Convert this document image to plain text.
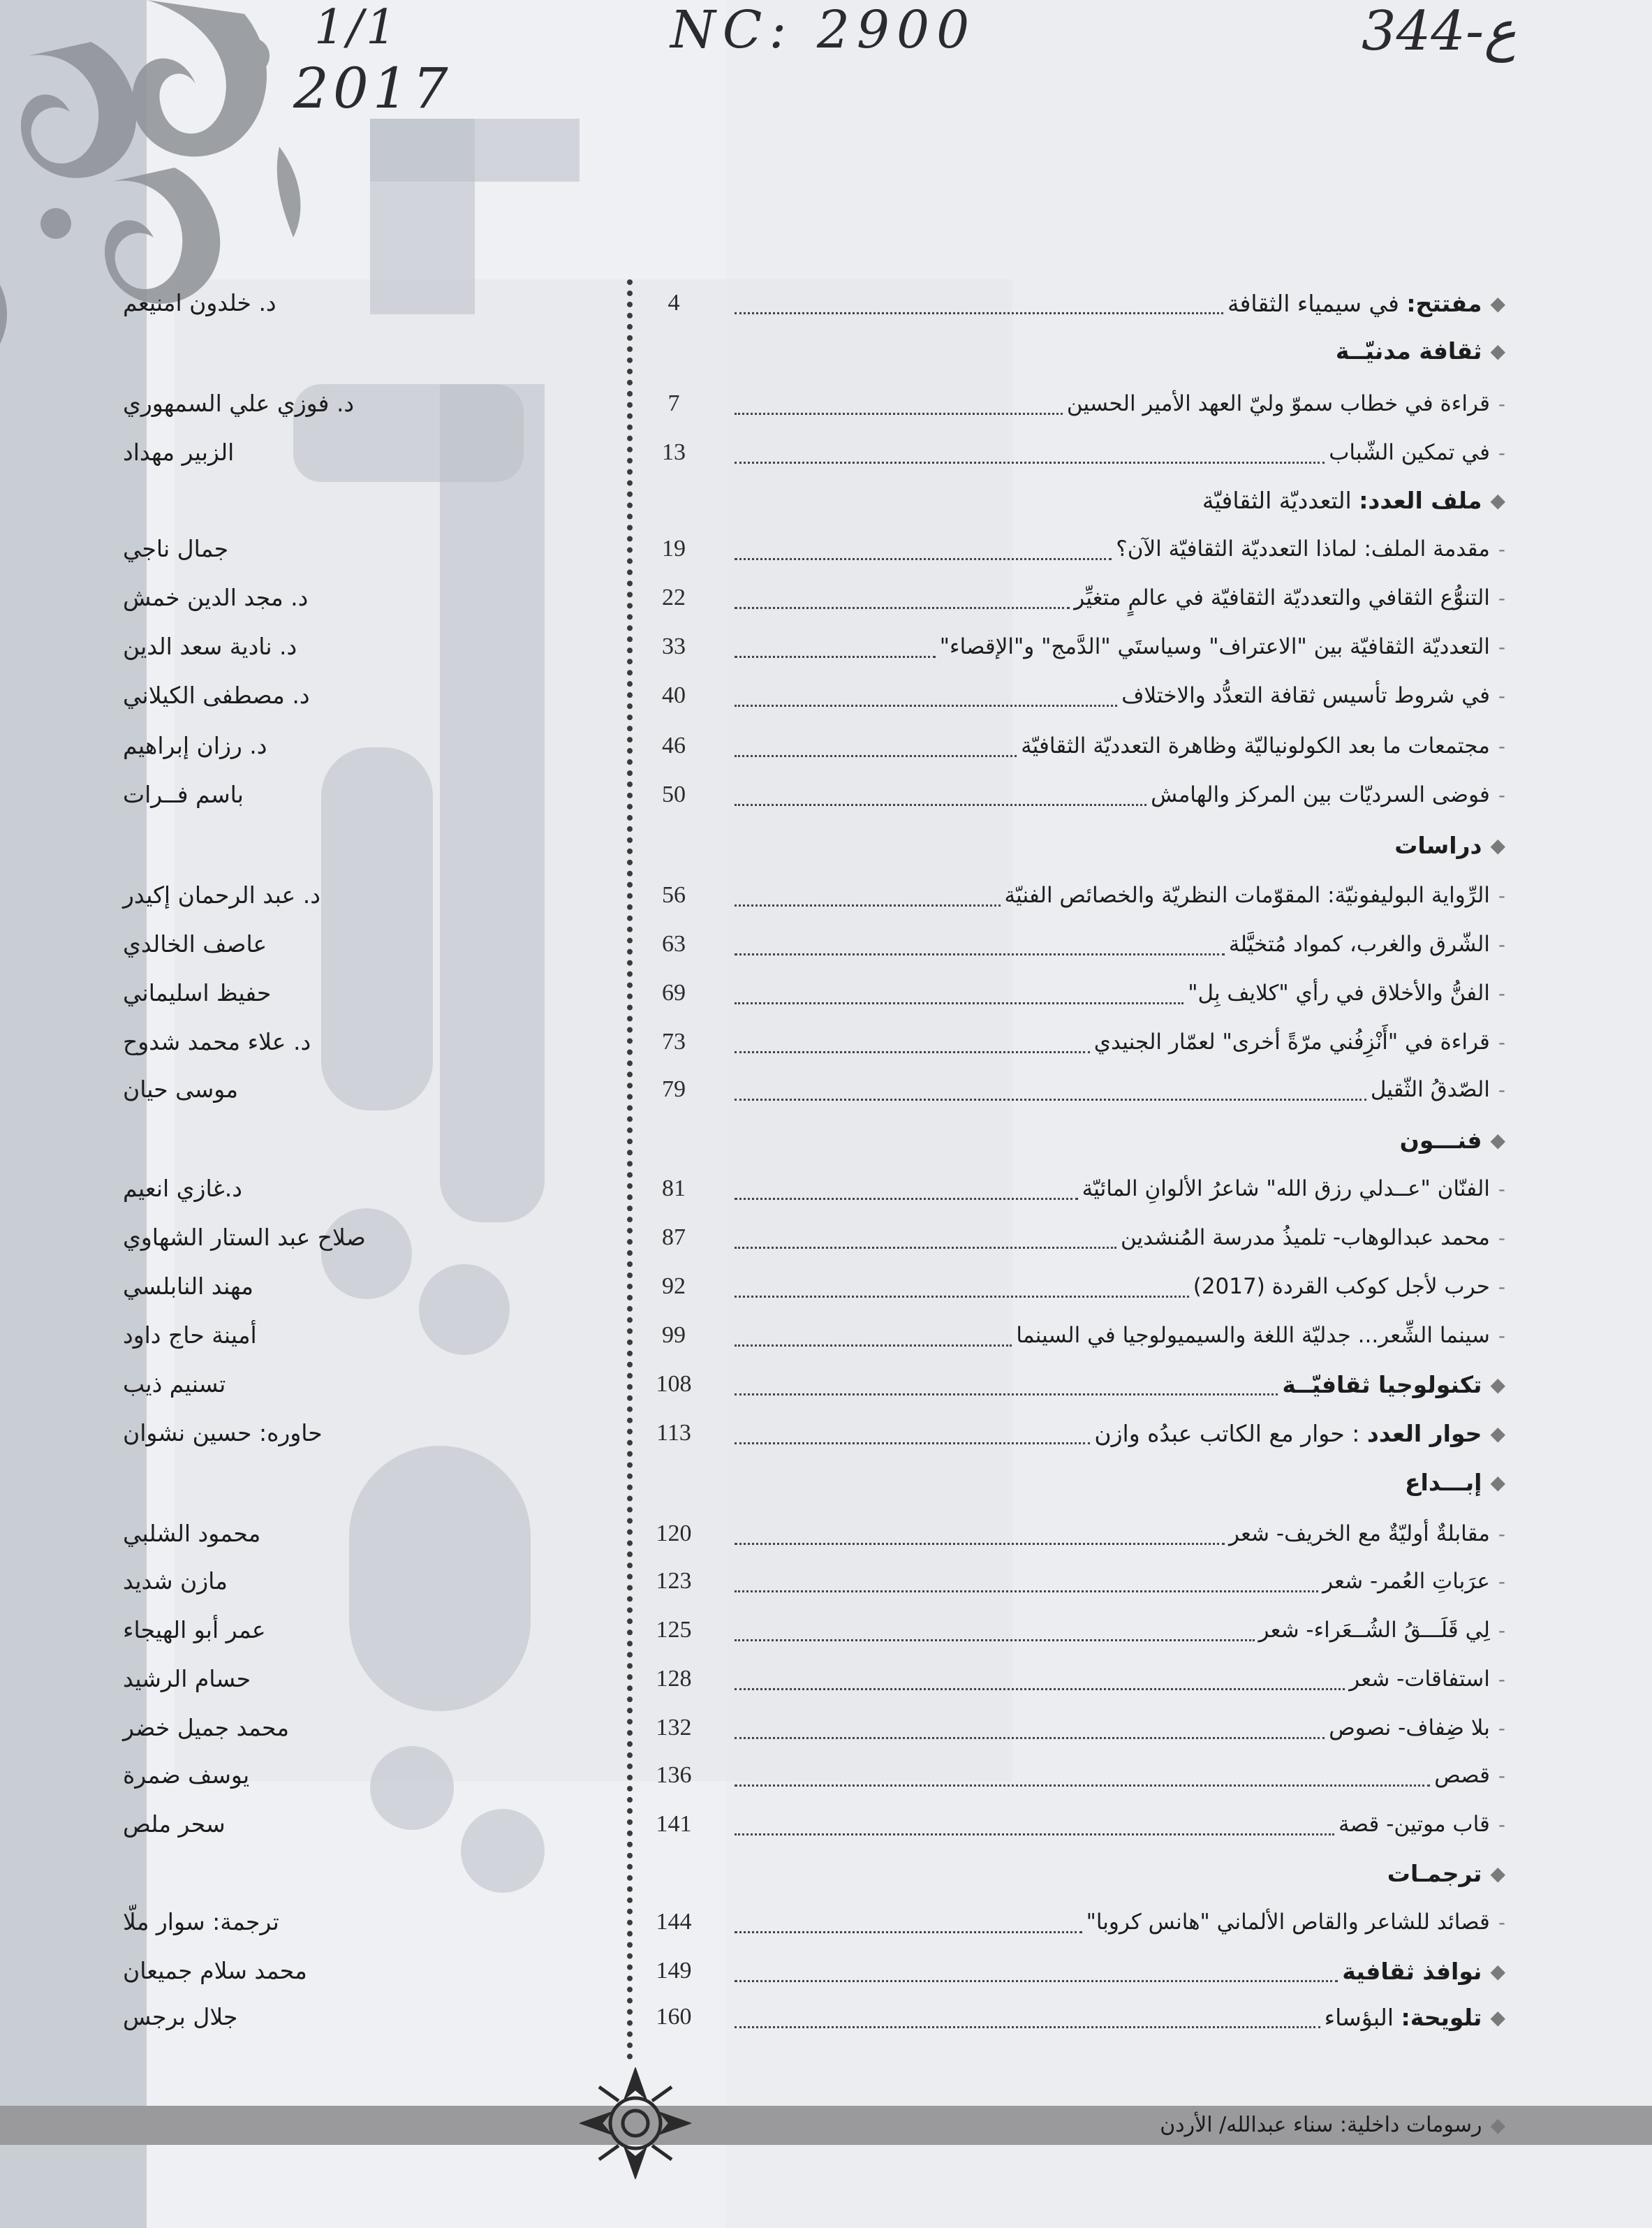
1/1
2017
NC: 2900	344-ع
◆
مفتتح: في سيمياء الثقافة
4
د. خلدون امنيعم
◆
ثقافة مدنيّــة
-
قراءة في خطاب سموّ وليّ العهد الأمير الحسين
7
د. فوزي علي السمهوري
-
في تمكين الشّباب
13
الزبير مهداد
◆
ملف العدد: التعدديّة الثقافيّة
-
مقدمة الملف: لماذا التعدديّة الثقافيّة الآن؟
19
جمال ناجي
-
التنوُّع الثقافي والتعدديّة الثقافيّة في عالمٍ متغيِّر
22
د. مجد الدين خمش
-
التعدديّة الثقافيّة بين "الاعتراف" وسياستَي "الدَّمج" و"الإقصاء"
33
د. نادية سعد الدين
-
في شروط تأسيس ثقافة التعدُّد والاختلاف
40
د. مصطفى الكيلاني
-
مجتمعات ما بعد الكولونياليّة وظاهرة التعدديّة الثقافيّة
46
د. رزان إبراهيم
-
فوضى السرديّات بين المركز والهامش
50
باسم فــرات
◆
دراسات
-
الرِّواية البوليفونيّة: المقوّمات النظريّة والخصائص الفنيّة
56
د. عبد الرحمان إكيدر
-
الشّرق والغرب، كمواد مُتخيَّلة
63
عاصف الخالدي
-
الفنُّ والأخلاق في رأي "كلايف بِل"
69
حفيظ اسليماني
-
قراءة في "أَنْزِفُني مرّةً أخرى" لعمّار الجنيدي
73
د. علاء محمد شدوح
-
الصّدقُ الثّقيل
79
موسى حيان
◆
فنـــون
-
الفنّان "عــدلي رزق الله" شاعرُ الألوانِ المائيّة
81
د.غازي انعيم
-
محمد عبدالوهاب- تلميذُ مدرسة المُنشدين
87
صلاح عبد الستار الشهاوي
-
حرب لأجل كوكب القردة (2017)
92
مهند النابلسي
-
سينما الشِّعر... جدليّة اللغة والسيميولوجيا في السينما
99
أمينة حاج داود
◆
تكنولوجيا ثقافيّــة
108
تسنيم ذيب
◆
حوار العدد : حوار مع الكاتب عبدُه وازن
113
حاوره: حسين نشوان
◆
إبـــداع
-
مقابلةٌ أوليّةٌ مع الخريف- شعر
120
محمود الشلبي
-
عرَباتِ العُمر- شعر
123
مازن شديد
-
لِي قَلَـــقُ الشُــعَراء- شعر
125
عمر أبو الهيجاء
-
استفاقات- شعر
128
حسام الرشيد
-
بلا ضِفاف- نصوص
132
محمد جميل خضر
-
قصص
136
يوسف ضمرة
-
قاب موتين- قصة
141
سحر ملص
◆
ترجمـات
-
قصائد للشاعر والقاص الألماني "هانس كروبا"
144
ترجمة: سوار ملّا
◆
نوافذ ثقافية
149
محمد سلام جميعان
◆
تلويحة: البؤساء
160
جلال برجس
◆رسومات داخلية: سناء عبدالله/ الأردن
